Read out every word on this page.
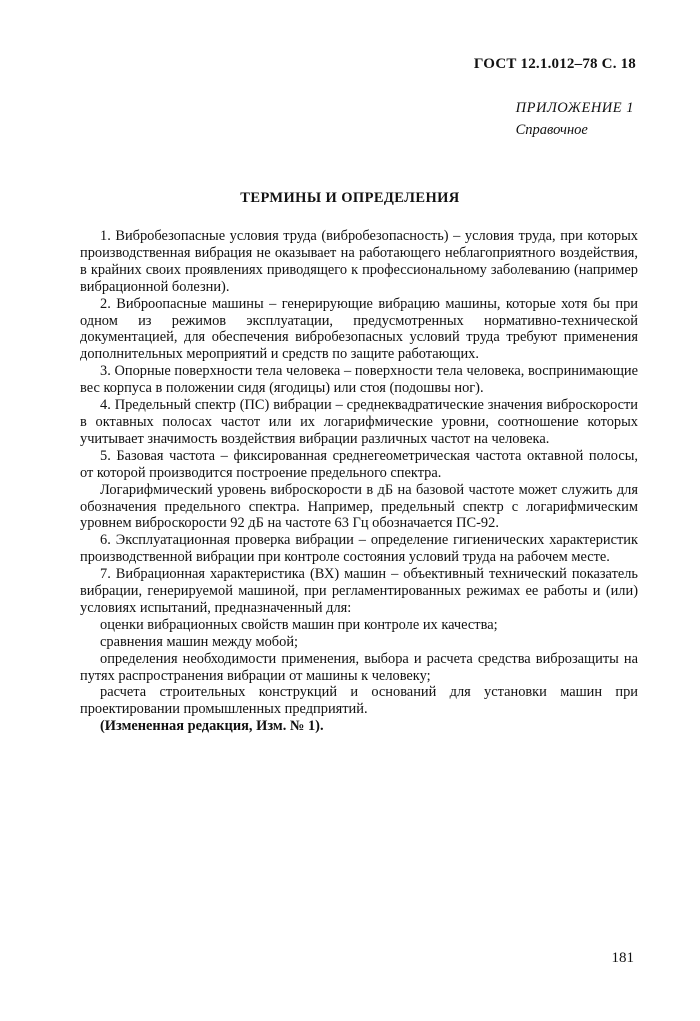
ГОСТ 12.1.012–78 С. 18
ПРИЛОЖЕНИЕ 1
Справочное
ТЕРМИНЫ И ОПРЕДЕЛЕНИЯ

1. Вибробезопасные условия труда (вибробезопасность) – условия труда, при которых производственная вибрация не оказывает на работающего неблагоприятного воздействия, в крайних своих проявлениях приводящего к профессиональному заболеванию (например вибрационной болезни).

2. Виброопасные машины – генерирующие вибрацию машины, которые хотя бы при одном из режимов эксплуатации, предусмотренных нормативно-технической документацией, для обеспечения вибробезопасных условий труда требуют применения дополнительных мероприятий и средств по защите работающих.

3. Опорные поверхности тела человека – поверхности тела человека, воспринимающие вес корпуса в положении сидя (ягодицы) или стоя (подошвы ног).

4. Предельный спектр (ПС) вибрации – среднеквадратические значения виброскорости в октавных полосах частот или их логарифмические уровни, соотношение которых учитывает значимость воздействия вибрации различных частот на человека.

5. Базовая частота – фиксированная среднегеометрическая частота октавной полосы, от которой производится построение предельного спектра.

Логарифмический уровень виброскорости в дБ на базовой частоте может служить для обозначения предельного спектра. Например, предельный спектр с логарифмическим уровнем виброскорости 92 дБ на частоте 63 Гц обозначается ПС-92.

6. Эксплуатационная проверка вибрации – определение гигиенических характеристик производственной вибрации при контроле состояния условий труда на рабочем месте.

7. Вибрационная характеристика (ВХ) машин – объективный технический показатель вибрации, генерируемой машиной, при регламентированных режимах ее работы и (или) условиях испытаний, предназначенный для:

оценки вибрационных свойств машин при контроле их качества;

сравнения машин между мобой;

определения необходимости применения, выбора и расчета средства виброзащиты на путях распространения вибрации от машины к человеку;

расчета строительных конструкций и оснований для установки машин при проектировании промышленных предприятий.

(Измененная редакция, Изм. № 1).

181
